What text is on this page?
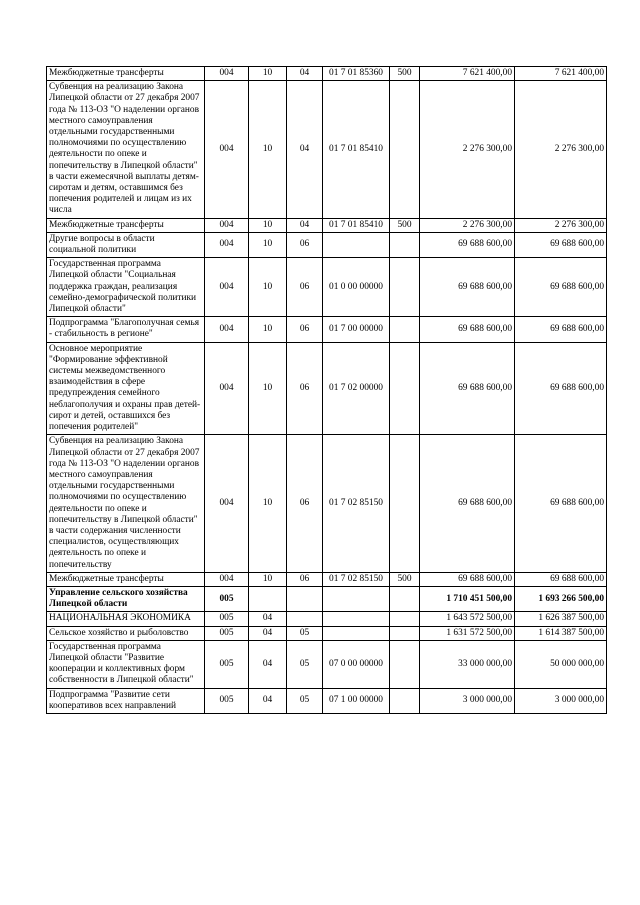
Межбюджетные трансферты	004	10	04	01 7 01 85360	500	7 621 400,00	7 621 400,00
Субвенция на реализацию Закона Липецкой области от 27 декабря 2007 года № 113-ОЗ "О наделении органов местного самоуправления отдельными государственными полномочиями по осуществлению деятельности по опеке и попечительству в Липецкой области" в части ежемесячной выплаты детям-сиротам и детям, оставшимся без попечения родителей и лицам из их числа	004	10	04	01 7 01 85410		2 276 300,00	2 276 300,00
Межбюджетные трансферты	004	10	04	01 7 01 85410	500	2 276 300,00	2 276 300,00
Другие вопросы в области социальной политики	004	10	06			69 688 600,00	69 688 600,00
Государственная программа Липецкой области "Социальная поддержка граждан, реализация семейно-демографической политики Липецкой области"	004	10	06	01 0 00 00000		69 688 600,00	69 688 600,00
Подпрограмма "Благополучная семья - стабильность в регионе"	004	10	06	01 7 00 00000		69 688 600,00	69 688 600,00
Основное мероприятие "Формирование эффективной системы межведомственного взаимодействия в сфере предупреждения семейного неблагополучия и охраны прав детей-сирот и детей, оставшихся без попечения родителей"	004	10	06	01 7 02 00000		69 688 600,00	69 688 600,00
Субвенция на реализацию Закона Липецкой области от 27 декабря 2007 года № 113-ОЗ "О наделении органов местного самоуправления отдельными государственными полномочиями по осуществлению деятельности по опеке и попечительству в Липецкой области" в части содержания численности специалистов, осуществляющих деятельность по опеке и попечительству	004	10	06	01 7 02 85150		69 688 600,00	69 688 600,00
Межбюджетные трансферты	004	10	06	01 7 02 85150	500	69 688 600,00	69 688 600,00
Управление сельского хозяйства Липецкой области	005					1 710 451 500,00	1 693 266 500,00
НАЦИОНАЛЬНАЯ ЭКОНОМИКА	005	04				1 643 572 500,00	1 626 387 500,00
Сельское хозяйство и рыболовство	005	04	05			1 631 572 500,00	1 614 387 500,00
Государственная программа Липецкой области "Развитие кооперации и коллективных форм собственности в Липецкой области"	005	04	05	07 0 00 00000		33 000 000,00	50 000 000,00
Подпрограмма "Развитие сети кооперативов всех направлений	005	04	05	07 1 00 00000		3 000 000,00	3 000 000,00
